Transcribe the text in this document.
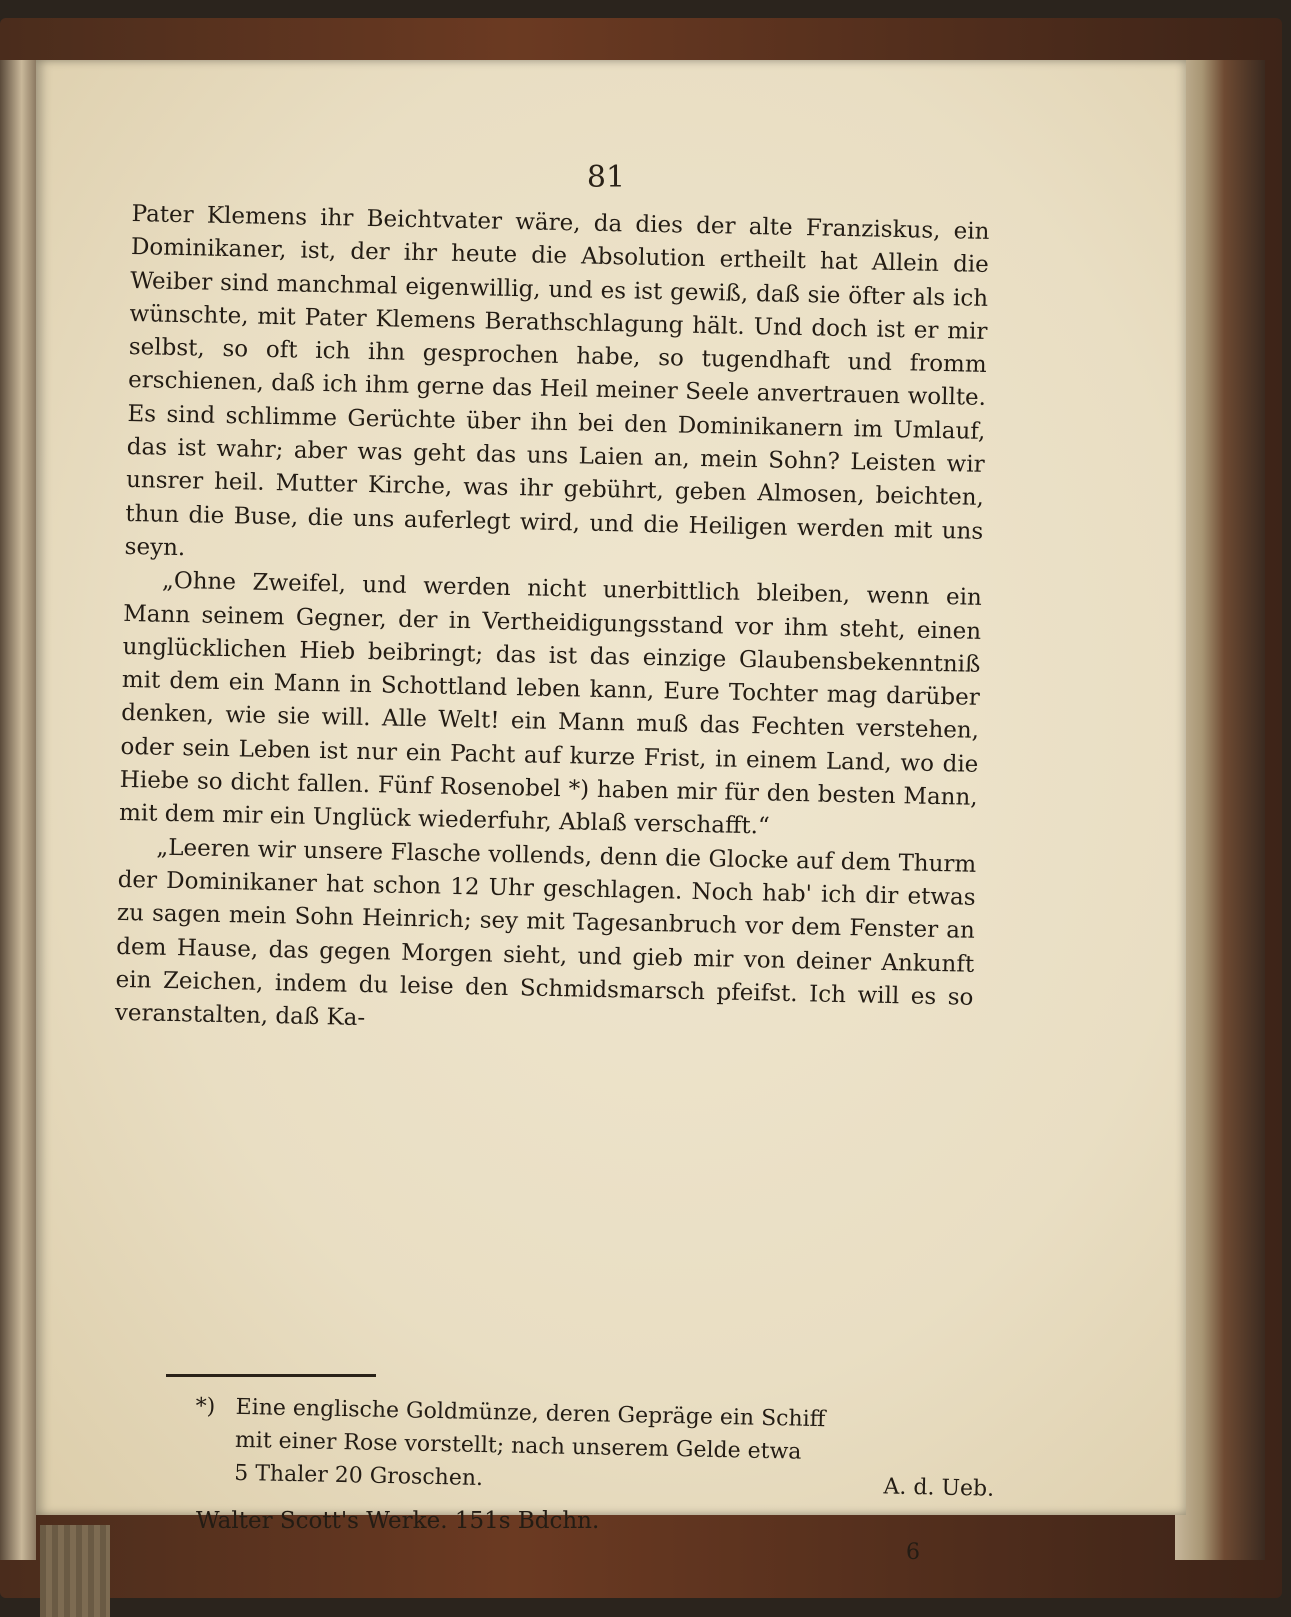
81

Pater Klemens ihr Beichtvater wäre, da dies der alte Franziskus, ein Dominikaner, ist, der ihr heute die Absolution ertheilt hat Allein die Weiber sind manchmal eigenwillig, und es ist gewiß, daß sie öfter als ich wünschte, mit Pater Klemens Berathschlagung hält. Und doch ist er mir selbst, so oft ich ihn gesprochen habe, so tugendhaft und fromm erschienen, daß ich ihm gerne das Heil meiner Seele anvertrauen wollte. Es sind schlimme Gerüchte über ihn bei den Dominikanern im Umlauf, das ist wahr; aber was geht das uns Laien an, mein Sohn? Leisten wir unsrer heil. Mutter Kirche, was ihr gebührt, geben Almosen, beichten, thun die Buse, die uns auferlegt wird, und die Heiligen werden mit uns seyn.

„Ohne Zweifel, und werden nicht unerbittlich bleiben, wenn ein Mann seinem Gegner, der in Vertheidigungsstand vor ihm steht, einen unglücklichen Hieb beibringt; das ist das einzige Glaubensbekenntniß mit dem ein Mann in Schottland leben kann, Eure Tochter mag darüber denken, wie sie will. Alle Welt! ein Mann muß das Fechten verstehen, oder sein Leben ist nur ein Pacht auf kurze Frist, in einem Land, wo die Hiebe so dicht fallen. Fünf Rosenobel *) haben mir für den besten Mann, mit dem mir ein Unglück wiederfuhr, Ablaß verschafft.“

„Leeren wir unsere Flasche vollends, denn die Glocke auf dem Thurm der Dominikaner hat schon 12 Uhr geschlagen. Noch hab' ich dir etwas zu sagen mein Sohn Heinrich; sey mit Tagesanbruch vor dem Fenster an dem Hause, das gegen Morgen sieht, und gieb mir von deiner Ankunft ein Zeichen, indem du leise den Schmidsmarsch pfeifst. Ich will es so veranstalten, daß Ka-

*) Eine englische Goldmünze, deren Gepräge ein Schiff
mit einer Rose vorstellt; nach unserem Gelde etwa
5 Thaler 20 Groschen.	A. d. Ueb.
Walter Scott's Werke. 151s Bdchn.
6
